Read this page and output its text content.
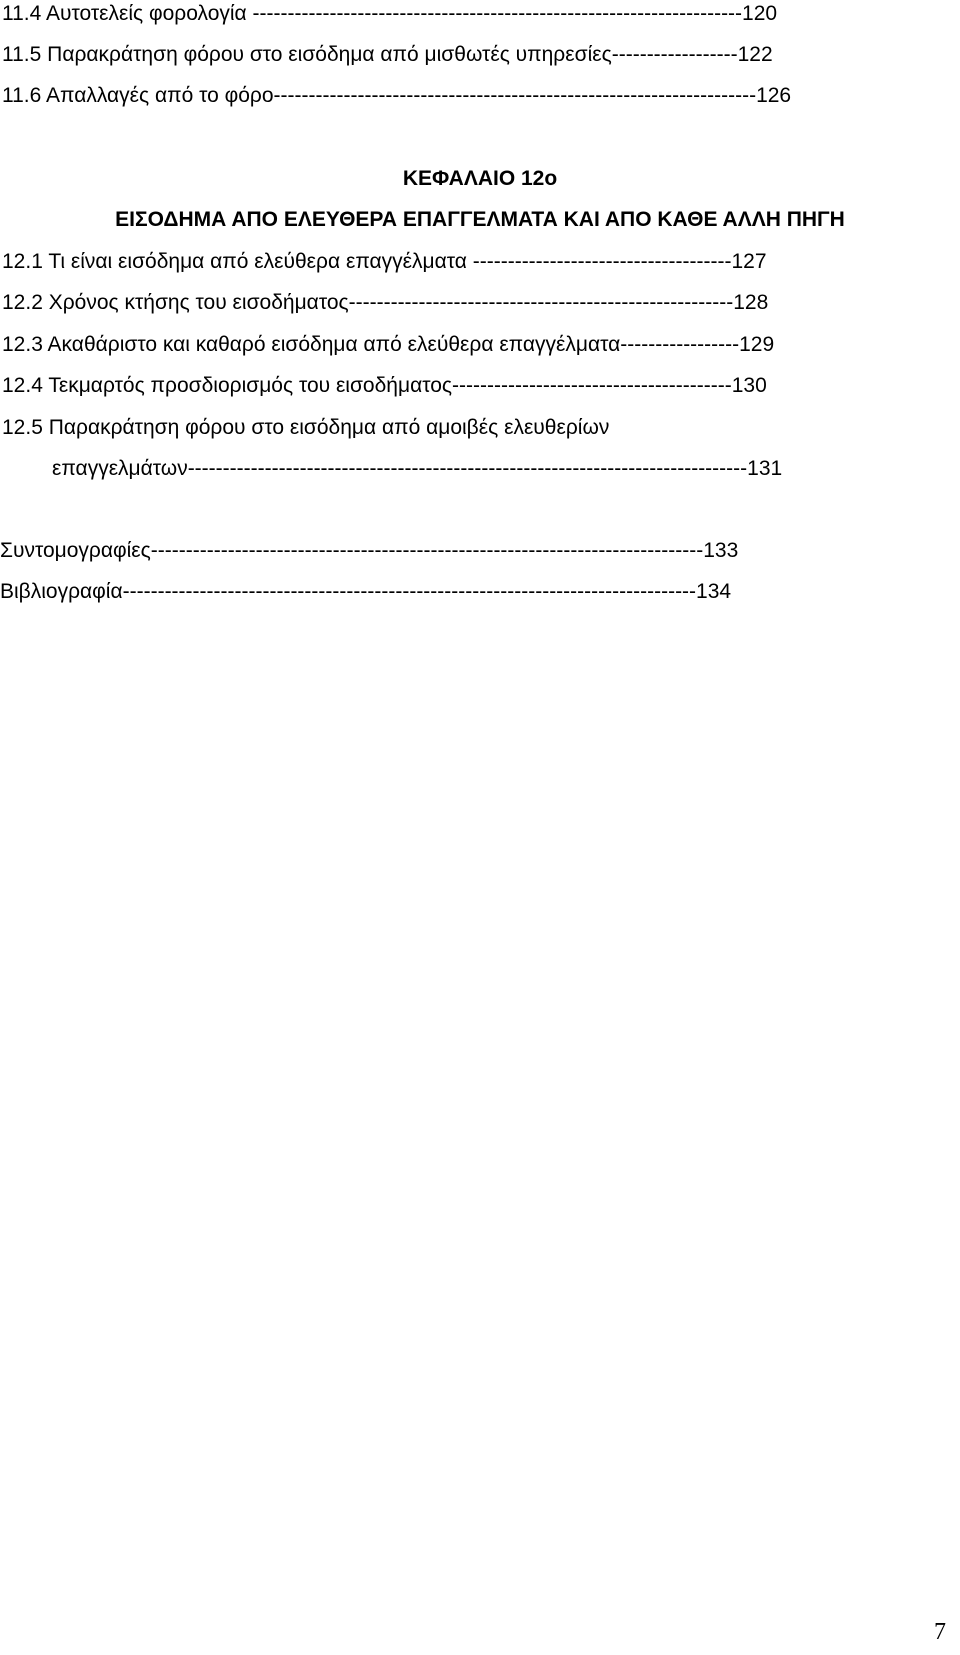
11.4 Αυτοτελείς φορολογία ----------------------------------------------------------------------120
11.5 Παρακράτηση φόρου στο εισόδημα από μισθωτές υπηρεσίες------------------122
11.6 Απαλλαγές από το φόρο---------------------------------------------------------------------126
ΚΕΦΑΛΑΙΟ 12ο
ΕΙΣΟΔΗΜΑ ΑΠΟ ΕΛΕΥΘΕΡΑ ΕΠΑΓΓΕΛΜΑΤΑ ΚΑΙ ΑΠΟ ΚΑΘΕ ΑΛΛΗ ΠΗΓΗ
12.1 Τι είναι εισόδημα από ελεύθερα επαγγέλματα -------------------------------------127
12.2 Χρόνος κτήσης του εισοδήματος-------------------------------------------------------128
12.3 Ακαθάριστο και καθαρό εισόδημα από ελεύθερα επαγγέλματα-----------------129
12.4 Τεκμαρτός προσδιορισμός του εισοδήματος----------------------------------------130
12.5 Παρακράτηση φόρου στο εισόδημα από αμοιβές ελευθερίων
επαγγελμάτων--------------------------------------------------------------------------------131
Συντομογραφίες-------------------------------------------------------------------------------133
Βιβλιογραφία----------------------------------------------------------------------------------134
7
